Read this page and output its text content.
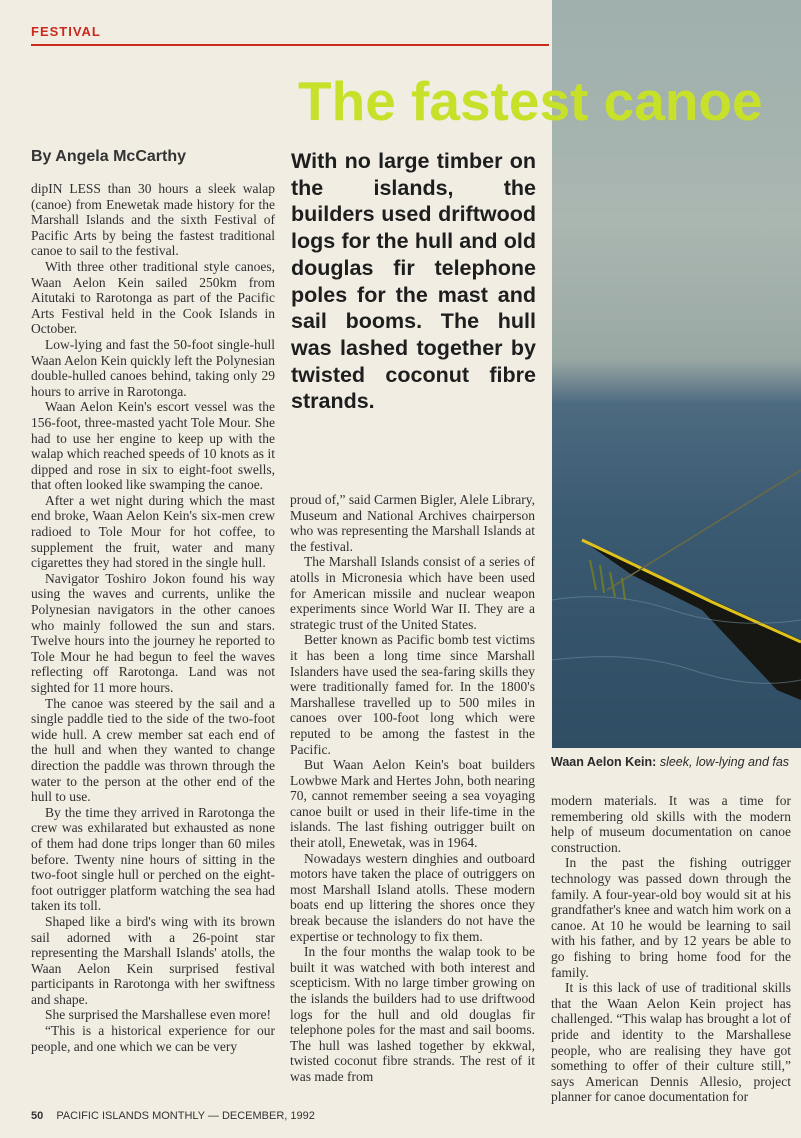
FESTIVAL
The fastest canoe
By Angela McCarthy	With no large timber on the islands, the builders used driftwood logs for the hull and old douglas fir telephone poles for the mast and sail booms. The hull was lashed together by twisted coconut fibre strands.

dipIN LESS than 30 hours a sleek walap (canoe) from Enewetak made history for the Marshall Islands and the sixth Festival of Pacific Arts by being the fastest traditional canoe to sail to the festival.

With three other traditional style canoes, Waan Aelon Kein sailed 250km from Aitutaki to Rarotonga as part of the Pacific Arts Festival held in the Cook Islands in October.

Low-lying and fast the 50-foot single-hull Waan Aelon Kein quickly left the Polynesian double-hulled canoes behind, taking only 29 hours to arrive in Rarotonga.

Waan Aelon Kein's escort vessel was the 156-foot, three-masted yacht Tole Mour. She had to use her engine to keep up with the walap which reached speeds of 10 knots as it dipped and rose in six to eight-foot swells, that often looked like swamping the canoe.

After a wet night during which the mast end broke, Waan Aelon Kein's six-men crew radioed to Tole Mour for hot coffee, to supplement the fruit, water and many cigarettes they had stored in the single hull.

Navigator Toshiro Jokon found his way using the waves and currents, unlike the Polynesian navigators in the other canoes who mainly followed the sun and stars. Twelve hours into the journey he reported to Tole Mour he had begun to feel the waves reflecting off Rarotonga. Land was not sighted for 11 more hours.

The canoe was steered by the sail and a single paddle tied to the side of the two-foot wide hull. A crew member sat each end of the hull and when they wanted to change direction the paddle was thrown through the water to the person at the other end of the hull to use.

By the time they arrived in Rarotonga the crew was exhilarated but exhausted as none of them had done trips longer than 60 miles before. Twenty nine hours of sitting in the two-foot single hull or perched on the eight-foot outrigger platform watching the sea had taken its toll.

Shaped like a bird's wing with its brown sail adorned with a 26-point star representing the Marshall Islands' atolls, the Waan Aelon Kein surprised festival participants in Rarotonga with her swiftness and shape.

She surprised the Marshallese even more!

“This is a historical experience for our people, and one which we can be very

proud of,” said Carmen Bigler, Alele Library, Museum and National Archives chairperson who was representing the Marshall Islands at the festival.

The Marshall Islands consist of a series of atolls in Micronesia which have been used for American missile and nuclear weapon experiments since World War II. They are a strategic trust of the United States.

Better known as Pacific bomb test victims it has been a long time since Marshall Islanders have used the sea-faring skills they were traditionally famed for. In the 1800's Marshallese travelled up to 500 miles in canoes over 100-foot long which were reputed to be among the fastest in the Pacific.

But Waan Aelon Kein's boat builders Lowbwe Mark and Hertes John, both nearing 70, cannot remember seeing a sea voyaging canoe built or used in their life-time in the islands. The last fishing outrigger built on their atoll, Enewetak, was in 1964.

Nowadays western dinghies and outboard motors have taken the place of outriggers on most Marshall Island atolls. These modern boats end up littering the shores once they break because the islanders do not have the expertise or technology to fix them.

In the four months the walap took to be built it was watched with both interest and scepticism. With no large timber growing on the islands the builders had to use driftwood logs for the hull and old douglas fir telephone poles for the mast and sail booms. The hull was lashed together by ekkwal, twisted coconut fibre strands. The rest of it was made from

Waan Aelon Kein: sleek, low-lying and fas

modern materials. It was a time for remembering old skills with the modern help of museum documentation on canoe construction.

In the past the fishing outrigger technology was passed down through the family. A four-year-old boy would sit at his grandfather's knee and watch him work on a canoe. At 10 he would be learning to sail with his father, and by 12 years be able to go fishing to bring home food for the family.

It is this lack of use of traditional skills that the Waan Aelon Kein project has challenged. “This walap has brought a lot of pride and identity to the Marshallese people, who are realising they have got something to offer of their culture still,” says American Dennis Allesio, project planner for canoe documentation for

50 PACIFIC ISLANDS MONTHLY — DECEMBER, 1992
